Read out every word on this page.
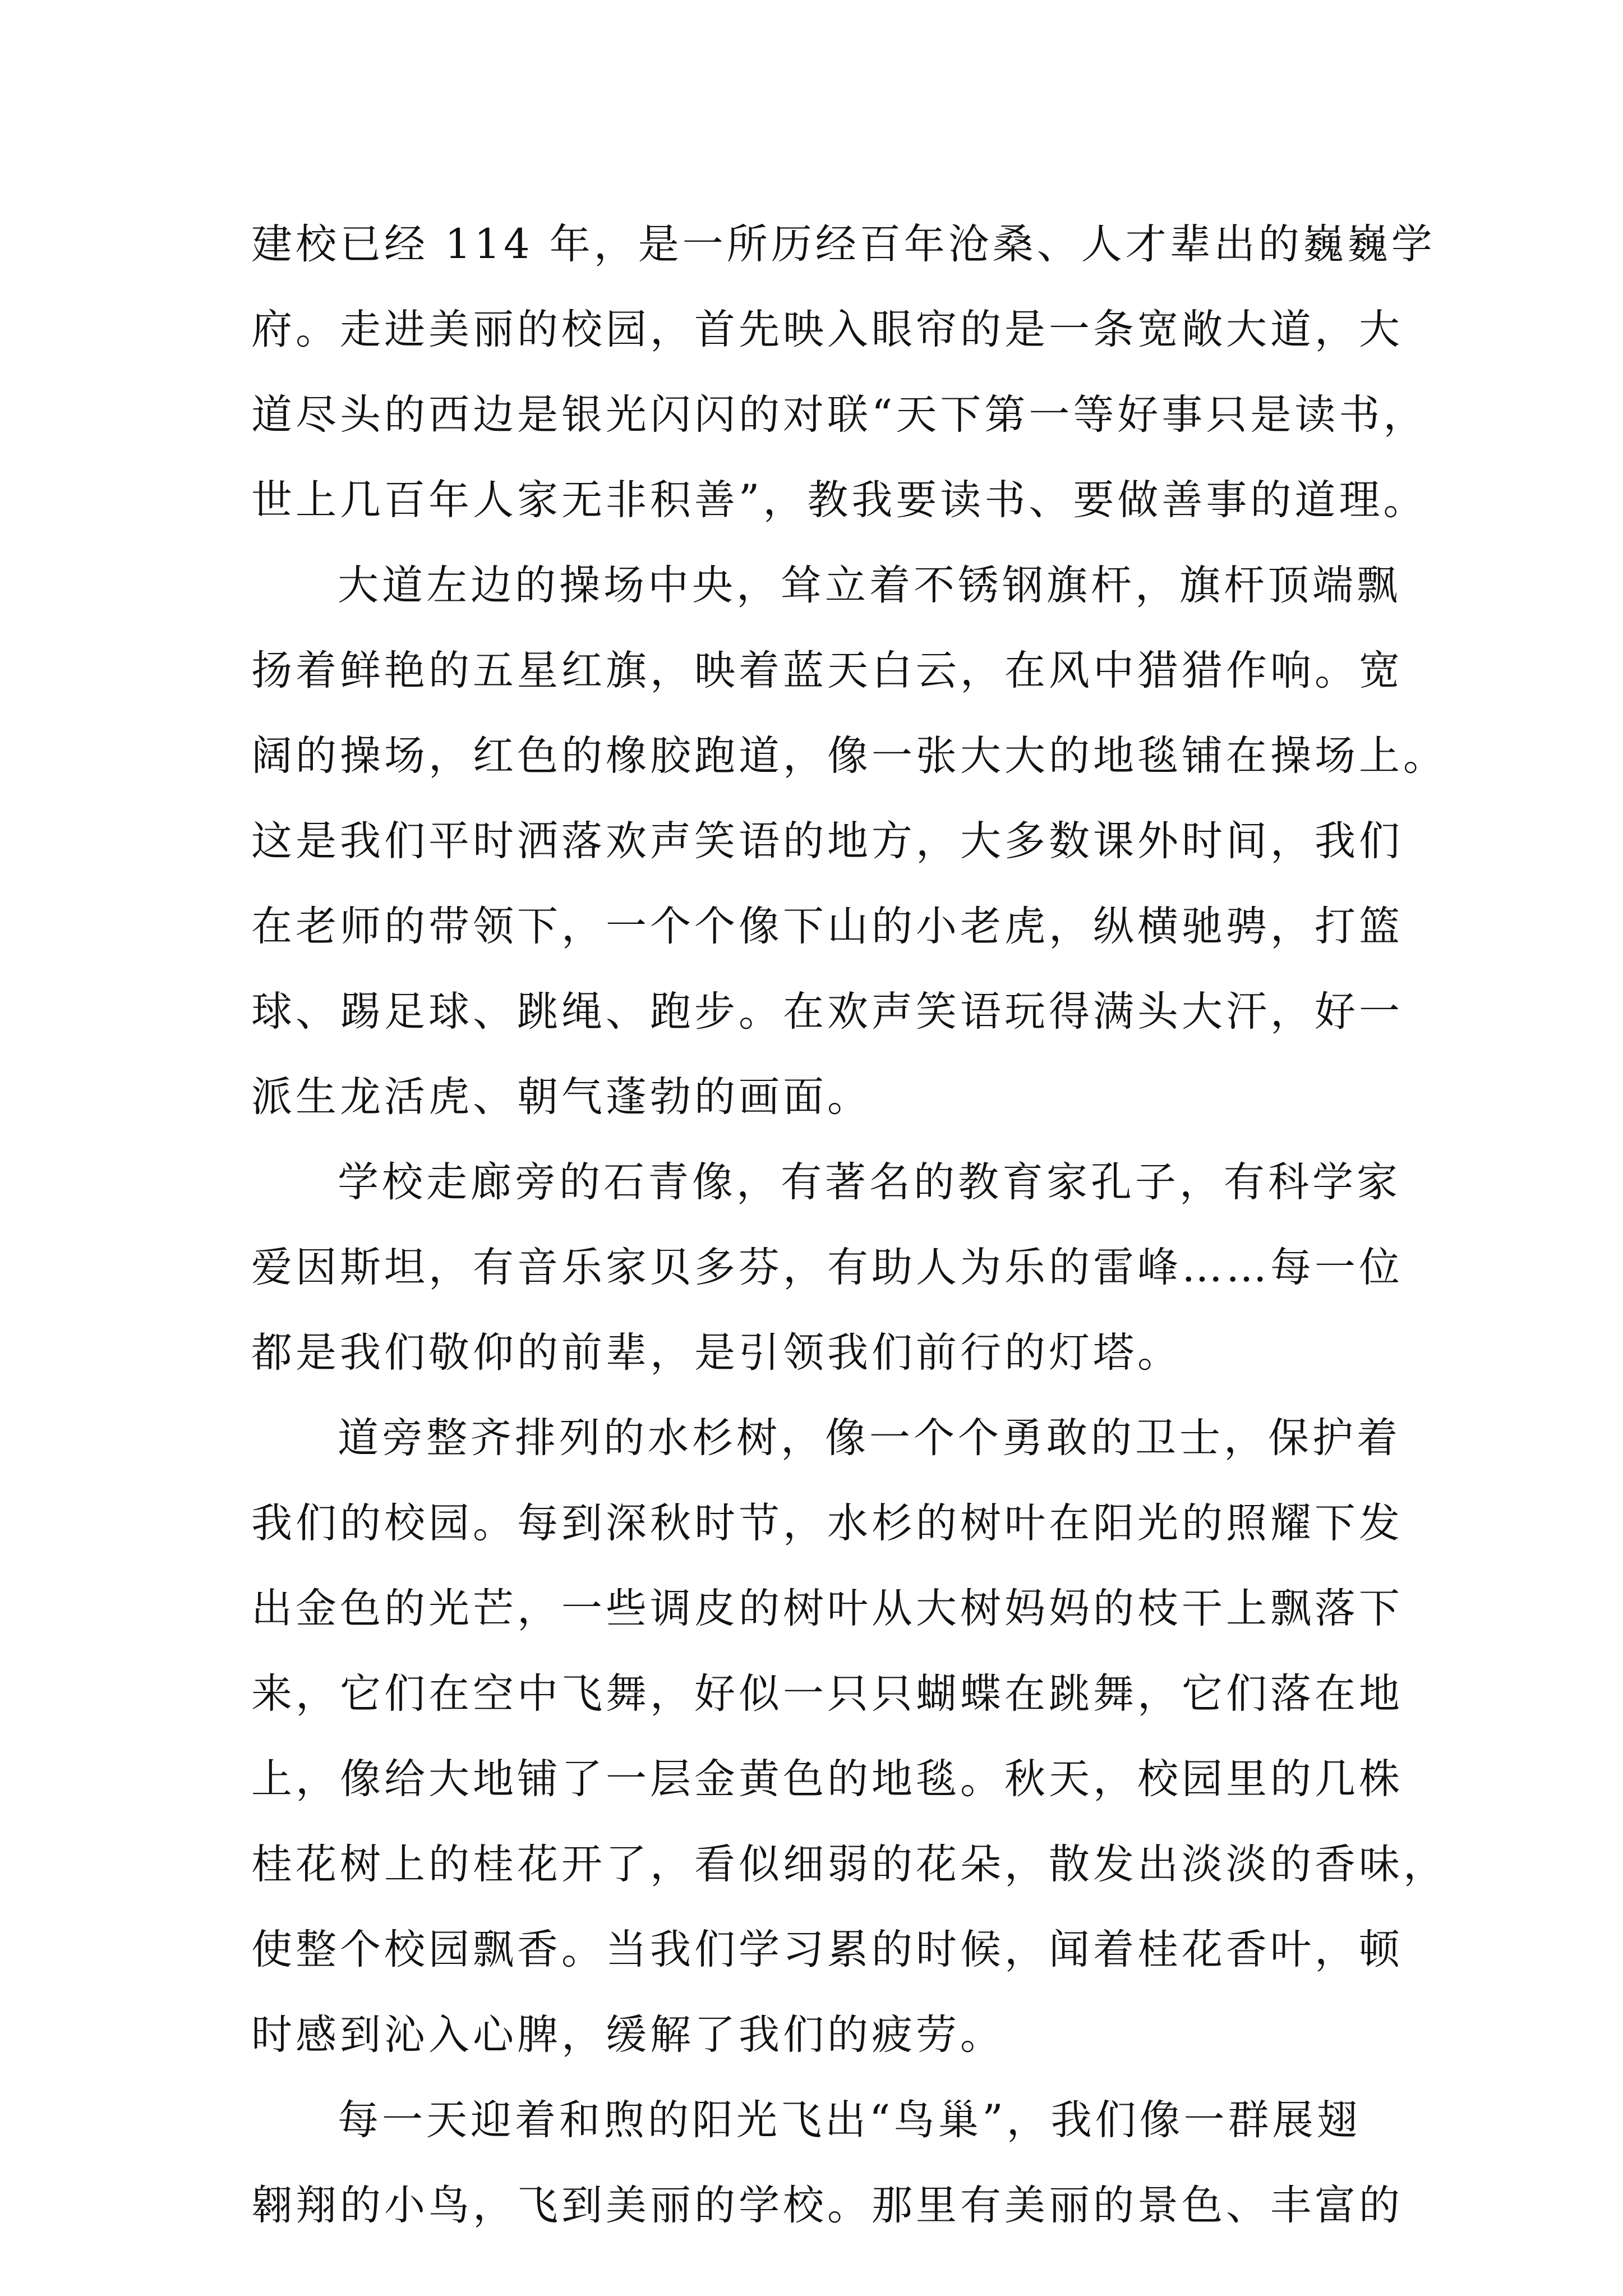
建校已经 114 年，是一所历经百年沧桑、人才辈出的巍巍学
府。走进美丽的校园，首先映入眼帘的是一条宽敞大道，大
道尽头的西边是银光闪闪的对联“天下第一等好事只是读书，
世上几百年人家无非积善”，教我要读书、要做善事的道理。
大道左边的操场中央，耸立着不锈钢旗杆，旗杆顶端飘
扬着鲜艳的五星红旗，映着蓝天白云，在风中猎猎作响。宽
阔的操场，红色的橡胶跑道，像一张大大的地毯铺在操场上。
这是我们平时洒落欢声笑语的地方，大多数课外时间，我们
在老师的带领下，一个个像下山的小老虎，纵横驰骋，打篮
球、踢足球、跳绳、跑步。在欢声笑语玩得满头大汗，好一
派生龙活虎、朝气蓬勃的画面。
学校走廊旁的石青像，有著名的教育家孔子，有科学家
爱因斯坦，有音乐家贝多芬，有助人为乐的雷峰……每一位
都是我们敬仰的前辈，是引领我们前行的灯塔。
道旁整齐排列的水杉树，像一个个勇敢的卫士，保护着
我们的校园。每到深秋时节，水杉的树叶在阳光的照耀下发
出金色的光芒，一些调皮的树叶从大树妈妈的枝干上飘落下
来，它们在空中飞舞，好似一只只蝴蝶在跳舞，它们落在地
上，像给大地铺了一层金黄色的地毯。秋天，校园里的几株
桂花树上的桂花开了，看似细弱的花朵，散发出淡淡的香味，
使整个校园飘香。当我们学习累的时候，闻着桂花香叶，顿
时感到沁入心脾，缓解了我们的疲劳。
每一天迎着和煦的阳光飞出“鸟巢”，我们像一群展翅
翱翔的小鸟，飞到美丽的学校。那里有美丽的景色、丰富的
